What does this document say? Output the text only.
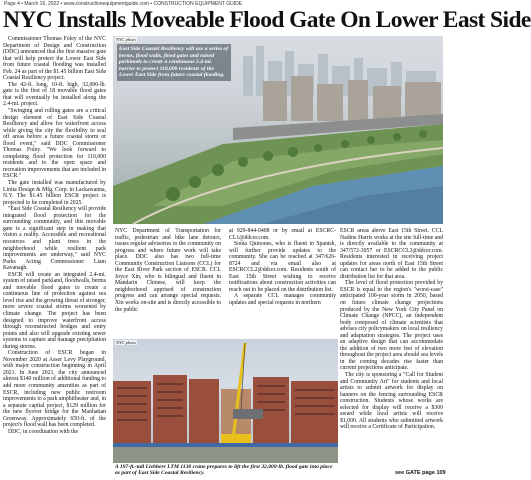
Page 4 • March 16, 2022 • www.constructionequipmentguide.com • CONSTRUCTION EQUIPMENT GUIDE
NYC Installs Moveable Flood Gate On Lower East Side

Commissioner Thomas Foley of the NYC Department of Design and Construction (DDC) announced that the first massive gate that will help protect the Lower East Side from future coastal flooding was installed Feb. 24 as part of the $1.45 billion East Side Coastal Resiliency project.

The 42-ft. long, 10-ft. high, 32,000-lb. gate is the first of 18 movable flood gates that will eventually be installed along the 2.4-mi. project.

"Swinging and rolling gates are a critical design element of East Side Coastal Resiliency and allow for waterfront access while giving the city the flexibility to seal off areas before a future coastal storm or flood event," said DDC Commissioner Thomas Foley. "We look forward to completing flood protection for 110,000 residents and to the open space and recreation improvements that are included in ESCR."

The gate installed was manufactured by Linita Design & Mfg. Corp. in Lackawanna, N.Y. The $1.45 billion ESCR project is projected to be completed in 2025.

"East Side Coastal Resiliency will provide integrated flood protection for the surrounding community, and this movable gate is a significant step in making that vision a reality. Accessible and recreational resources and plant trees in the neighborhood while resilient park improvements are underway," said NYC Parks Acting Commissioner Liam Kavanagh.

ESCR will create an integrated 2.4-mi. system of raised parkland, floodwalls, berms and movable flood gates to create a continuous line of protection against sea level rise and the growing threat of stronger, more severe coastal storms worsened by climate change. The project has been designed to improve waterfront access through reconstructed bridges and entry points and also will upgrade existing sewer systems to capture and manage precipitation during storms.

Construction of ESCR began in November 2020 at Asser Levy Playground, with major construction beginning in April 2021. In June 2021, the city announced almost $140 million of additional funding to add more community amenities as part of ESCR, including new public restroom improvements to a park amphitheater and, in a separate capital project, $129 million for the new flyover bridge for the Manhattan Greenway. Approximately 650-ft. of the project's flood wall has been completed.

DDC, in coordination with the

East Side Coastal Resiliency will use a series of berms, flood walls, flood gates and raised parklands to create a continuous 2.4-mi. barrier to protect 110,000 residents of the Lower East Side from future coastal flooding.
NYC photo

NYC Department of Transportation for traffic, pedestrian and bike lane detours, issues regular advisories to the community on progress and where future work will take place. DDC also has two full-time Community Construction Liaisons (CCL) for the East River Park section of ESCR. CCL Joyce Xin, who is bilingual and fluent in Mandarin Chinese, will keep the neighborhood apprised of construction progress and can arrange special requests. Xin works on-site and is directly accessible to the public

at 929-844-0408 or by email at ESCRC-CL1@ddcer.com.

Sonia Quinones, who is fluent in Spanish, will further provide updates to the community. She can be reached at 347/626-8724 and via email also at ESCRCCL2@ddcer.com. Residents south of East 15th Street wishing to receive notifications about construction activities can reach out to be placed on the distribution list.

A separate CCL manages community updates and special requests in northern

NYC photo
A 197-ft.-tall Liebherr LTM 1130 crane prepares to lift the first 32,000-lb. flood gate into place as part of East Side Coastal Resiliency.

ESCR areas above East 15th Street. CCL Nadine Harris works at the site full-time and is directly available to the community at 347/572-3057 or ESCRCCL3@ddcer.com. Residents interested in receiving project updates for areas north of East 15th Street can contact her to be added to the public distribution list for that area.

The level of flood protection provided by ESCR is equal to the region's "worst-case" anticipated 100-year storm in 2050, based on future climate change projections produced by the New York City Panel on Climate Change (NPCC), an independent body composed of climate scientists that advises city policymakers on local resiliency and adaptation strategies. The project uses an adaptive design that can accommodate the addition of two more feet of elevation throughout the project area should sea levels in the coming decades rise faster than current projections anticipate.

The city is sponsoring a "Call for Student and Community Art" for students and local artists to submit artwork for display on banners on the fencing surrounding ESCR construction. Students whose works are selected for display will receive a $300 award while local artists will receive $1,000. All students who submitted artwork will receive a Certificate of Participation.

see GATE page 109
